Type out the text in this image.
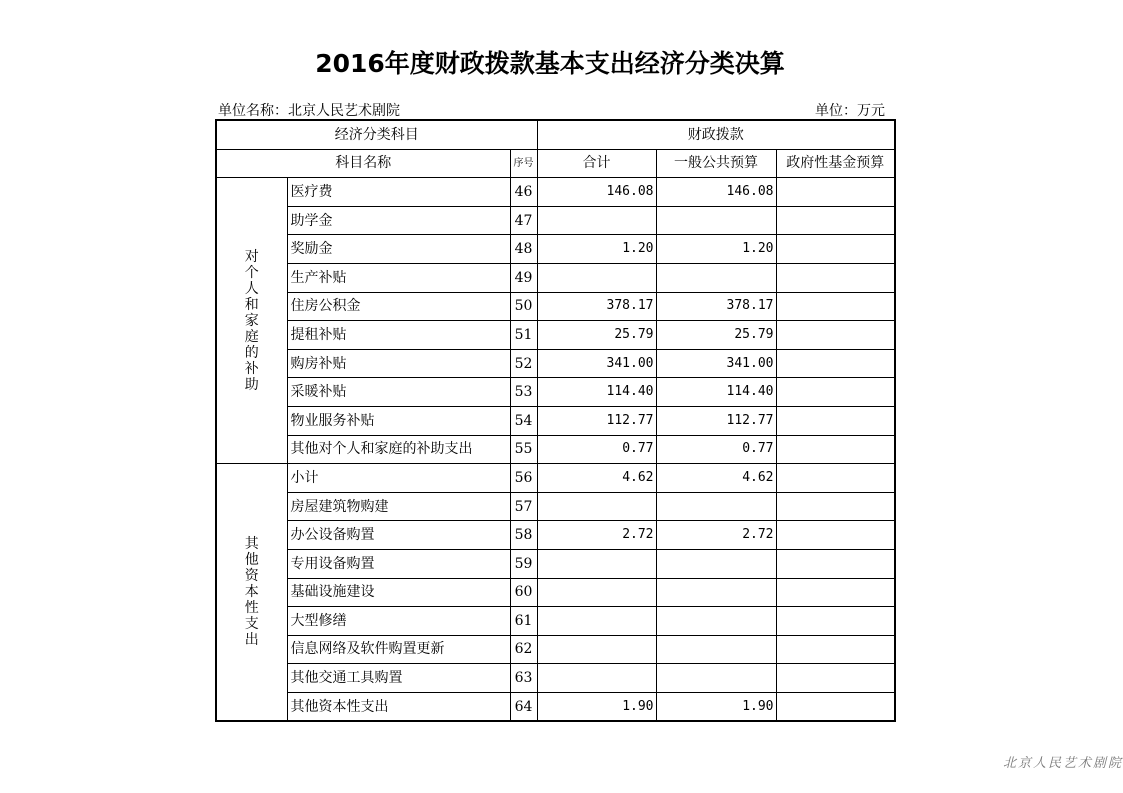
2016年度财政拨款基本支出经济分类决算
单位名称：北京人民艺术剧院	单位：万元
经济分类科目			财政拨款		
科目名称		序号	合计	一般公共预算	政府性基金预算
对个人和家庭的补助	医疗费	46	146.08	146.08	
	助学金	47			
	奖励金	48	1.20	1.20	
	生产补贴	49			
	住房公积金	50	378.17	378.17	
	提租补贴	51	25.79	25.79	
	购房补贴	52	341.00	341.00	
	采暖补贴	53	114.40	114.40	
	物业服务补贴	54	112.77	112.77	
	其他对个人和家庭的补助支出	55	0.77	0.77	
其他资本性支出	小计	56	4.62	4.62	
	房屋建筑物购建	57			
	办公设备购置	58	2.72	2.72	
	专用设备购置	59			
	基础设施建设	60			
	大型修缮	61			
	信息网络及软件购置更新	62			
	其他交通工具购置	63			
	其他资本性支出	64	1.90	1.90	
北京人民艺术剧院
